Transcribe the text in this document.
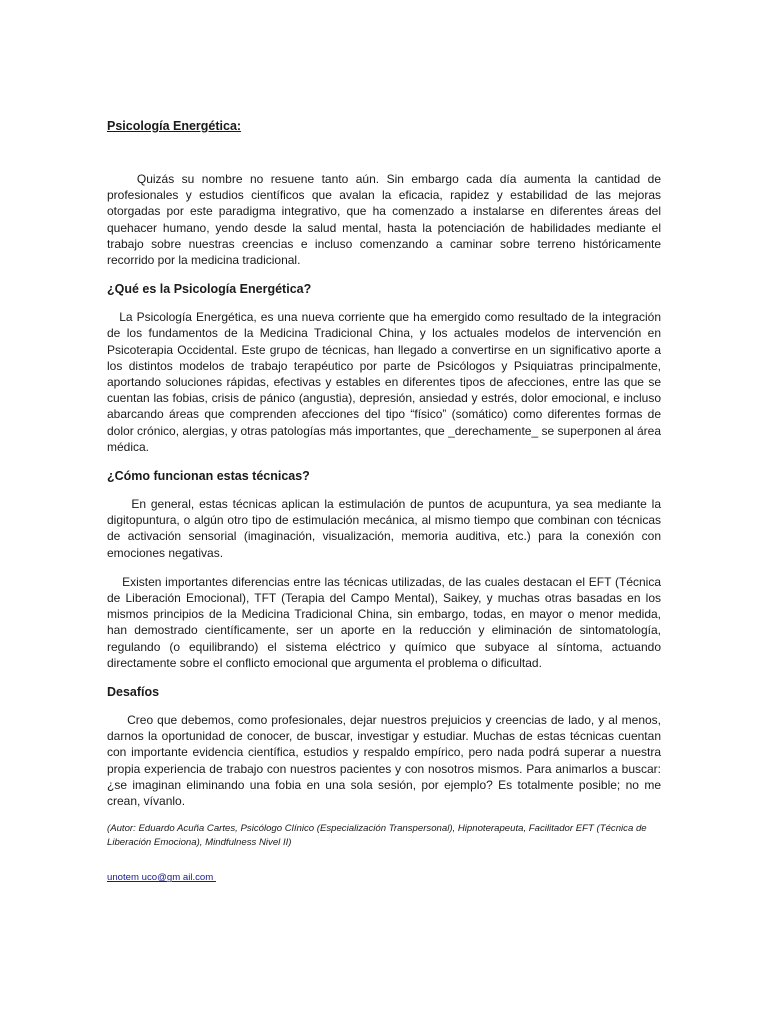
Psicología Energética:

Quizás su nombre no resuene tanto aún. Sin embargo cada día aumenta la cantidad de profesionales y estudios científicos que avalan la eficacia, rapidez y estabilidad de las mejoras otorgadas por este paradigma integrativo, que ha comenzado a instalarse en diferentes áreas del quehacer humano, yendo desde la salud mental, hasta la potenciación de habilidades mediante el trabajo sobre nuestras creencias e incluso comenzando a caminar sobre terreno históricamente recorrido por la medicina tradicional.

¿Qué es la Psicología Energética?

La Psicología Energética, es una nueva corriente que ha emergido como resultado de la integración de los fundamentos de la Medicina Tradicional China, y los actuales modelos de intervención en Psicoterapia Occidental. Este grupo de técnicas, han llegado a convertirse en un significativo aporte a los distintos modelos de trabajo terapéutico por parte de Psicólogos y Psiquiatras principalmente, aportando soluciones rápidas, efectivas y estables en diferentes tipos de afecciones, entre las que se cuentan las fobias, crisis de pánico (angustia), depresión, ansiedad y estrés, dolor emocional, e incluso abarcando áreas que comprenden afecciones del tipo “físico” (somático) como diferentes formas de dolor crónico, alergias, y otras patologías más importantes, que _derechamente_ se superponen al área médica.

¿Cómo funcionan estas técnicas?

En general, estas técnicas aplican la estimulación de puntos de acupuntura, ya sea mediante la digitopuntura, o algún otro tipo de estimulación mecánica, al mismo tiempo que combinan con técnicas de activación sensorial (imaginación, visualización, memoria auditiva, etc.) para la conexión con emociones negativas.

Existen importantes diferencias entre las técnicas utilizadas, de las cuales destacan el EFT (Técnica de Liberación Emocional), TFT (Terapia del Campo Mental), Saikey, y muchas otras basadas en los mismos principios de la Medicina Tradicional China, sin embargo, todas, en mayor o menor medida, han demostrado científicamente, ser un aporte en la reducción y eliminación de sintomatología, regulando (o equilibrando) el sistema eléctrico y químico que subyace al síntoma, actuando directamente sobre el conflicto emocional que argumenta el problema o dificultad.

Desafíos

Creo que debemos, como profesionales, dejar nuestros prejuicios y creencias de lado, y al menos, darnos la oportunidad de conocer, de buscar, investigar y estudiar. Muchas de estas técnicas cuentan con importante evidencia científica, estudios y respaldo empírico, pero nada podrá superar a nuestra propia experiencia de trabajo con nuestros pacientes y con nosotros mismos. Para animarlos a buscar: ¿se imaginan eliminando una fobia en una sola sesión, por ejemplo? Es totalmente posible; no me crean, vívanlo.

(Autor: Eduardo Acuña Cartes, Psicólogo Clínico (Especialización Transpersonal), Hipnoterapeuta, Facilitador EFT (Técnica de Liberación Emociona), Mindfulness Nivel II)
unotem uco@gm ail.com
